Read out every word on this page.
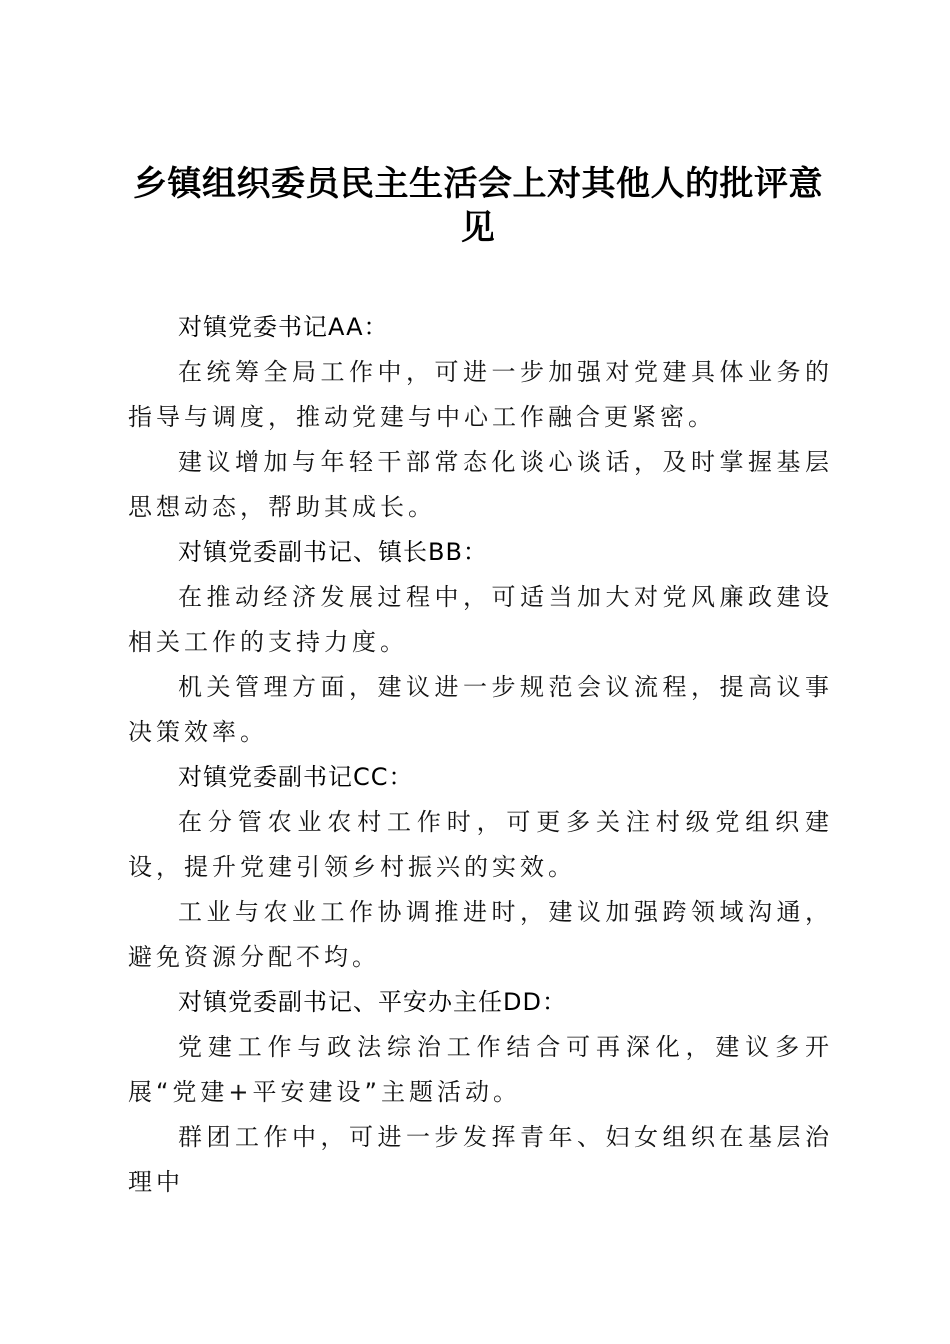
乡镇组织委员民主生活会上对其他人的批评意见

对镇党委书记AA：

在统筹全局工作中，可进一步加强对党建具体业务的指导与调度，推动党建与中心工作融合更紧密。

建议增加与年轻干部常态化谈心谈话，及时掌握基层思想动态，帮助其成长。

对镇党委副书记、镇长BB：

在推动经济发展过程中，可适当加大对党风廉政建设相关工作的支持力度。

机关管理方面，建议进一步规范会议流程，提高议事决策效率。

对镇党委副书记CC：

在分管农业农村工作时，可更多关注村级党组织建设，提升党建引领乡村振兴的实效。

工业与农业工作协调推进时，建议加强跨领域沟通，避免资源分配不均。

对镇党委副书记、平安办主任DD：

党建工作与政法综治工作结合可再深化，建议多开展“党建+平安建设”主题活动。

群团工作中，可进一步发挥青年、妇女组织在基层治理中
